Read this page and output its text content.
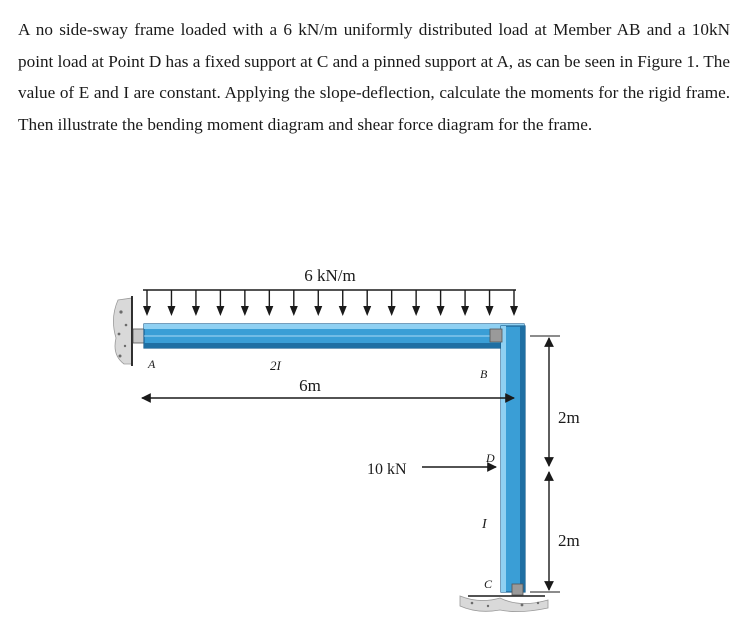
A no side-sway frame loaded with a 6 kN/m uniformly distributed load at Member AB and a 10kN point load at Point D has a fixed support at C and a pinned support at A, as can be seen in Figure 1. The value of E and I are constant. Applying the slope-deflection, calculate the moments for the rigid frame. Then illustrate the bending moment diagram and shear force diagram for the frame.

6 kN/m
A	2I
6m
B
10 kN
D
I
C
2m
2m
